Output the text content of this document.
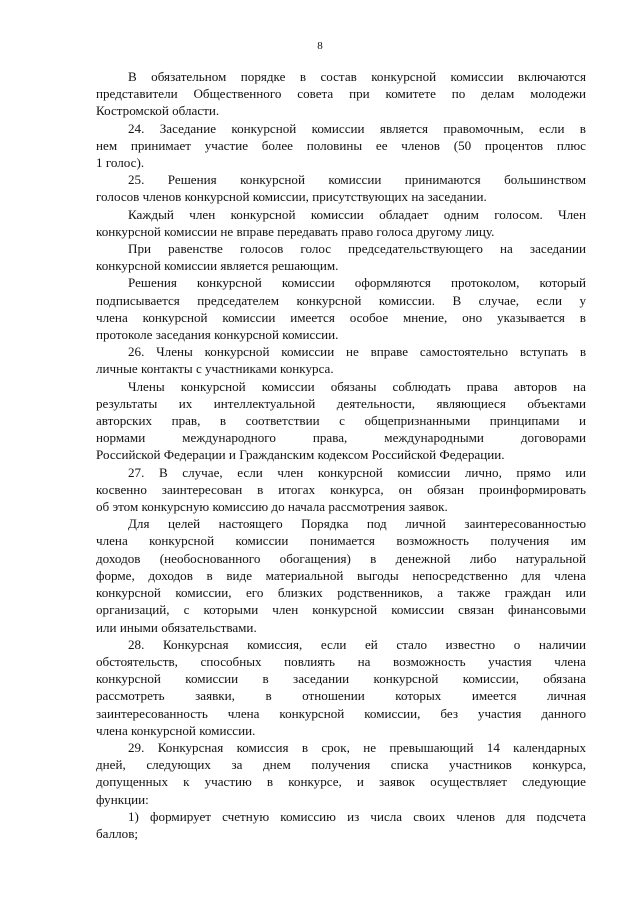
8

В обязательном порядке в состав конкурсной комиссии включаются

представители Общественного совета при комитете по делам молодежи

Костромской области.

24. Заседание конкурсной комиссии является правомочным, если в

нем принимает участие более половины ее членов (50 процентов плюс

1 голос).

25. Решения конкурсной комиссии принимаются большинством

голосов членов конкурсной комиссии, присутствующих на заседании.

Каждый член конкурсной комиссии обладает одним голосом. Член

конкурсной комиссии не вправе передавать право голоса другому лицу.

При равенстве голосов голос председательствующего на заседании

конкурсной комиссии является решающим.

Решения конкурсной комиссии оформляются протоколом, который

подписывается председателем конкурсной комиссии. В случае, если у

члена конкурсной комиссии имеется особое мнение, оно указывается в

протоколе заседания конкурсной комиссии.

26. Члены конкурсной комиссии не вправе самостоятельно вступать в

личные контакты с участниками конкурса.

Члены конкурсной комиссии обязаны соблюдать права авторов на

результаты их интеллектуальной деятельности, являющиеся объектами

авторских прав, в соответствии с общепризнанными принципами и

нормами международного права, международными договорами

Российской Федерации и Гражданским кодексом Российской Федерации.

27. В случае, если член конкурсной комиссии лично, прямо или

косвенно заинтересован в итогах конкурса, он обязан проинформировать

об этом конкурсную комиссию до начала рассмотрения заявок.

Для целей настоящего Порядка под личной заинтересованностью

члена конкурсной комиссии понимается возможность получения им

доходов (необоснованного обогащения) в денежной либо натуральной

форме, доходов в виде материальной выгоды непосредственно для члена

конкурсной комиссии, его близких родственников, а также граждан или

организаций, с которыми член конкурсной комиссии связан финансовыми

или иными обязательствами.

28. Конкурсная комиссия, если ей стало известно о наличии

обстоятельств, способных повлиять на возможность участия члена

конкурсной комиссии в заседании конкурсной комиссии, обязана

рассмотреть заявки, в отношении которых имеется личная

заинтересованность члена конкурсной комиссии, без участия данного

члена конкурсной комиссии.

29. Конкурсная комиссия в срок, не превышающий 14 календарных

дней, следующих за днем получения списка участников конкурса,

допущенных к участию в конкурсе, и заявок осуществляет следующие

функции:

1) формирует счетную комиссию из числа своих членов для подсчета

баллов;
